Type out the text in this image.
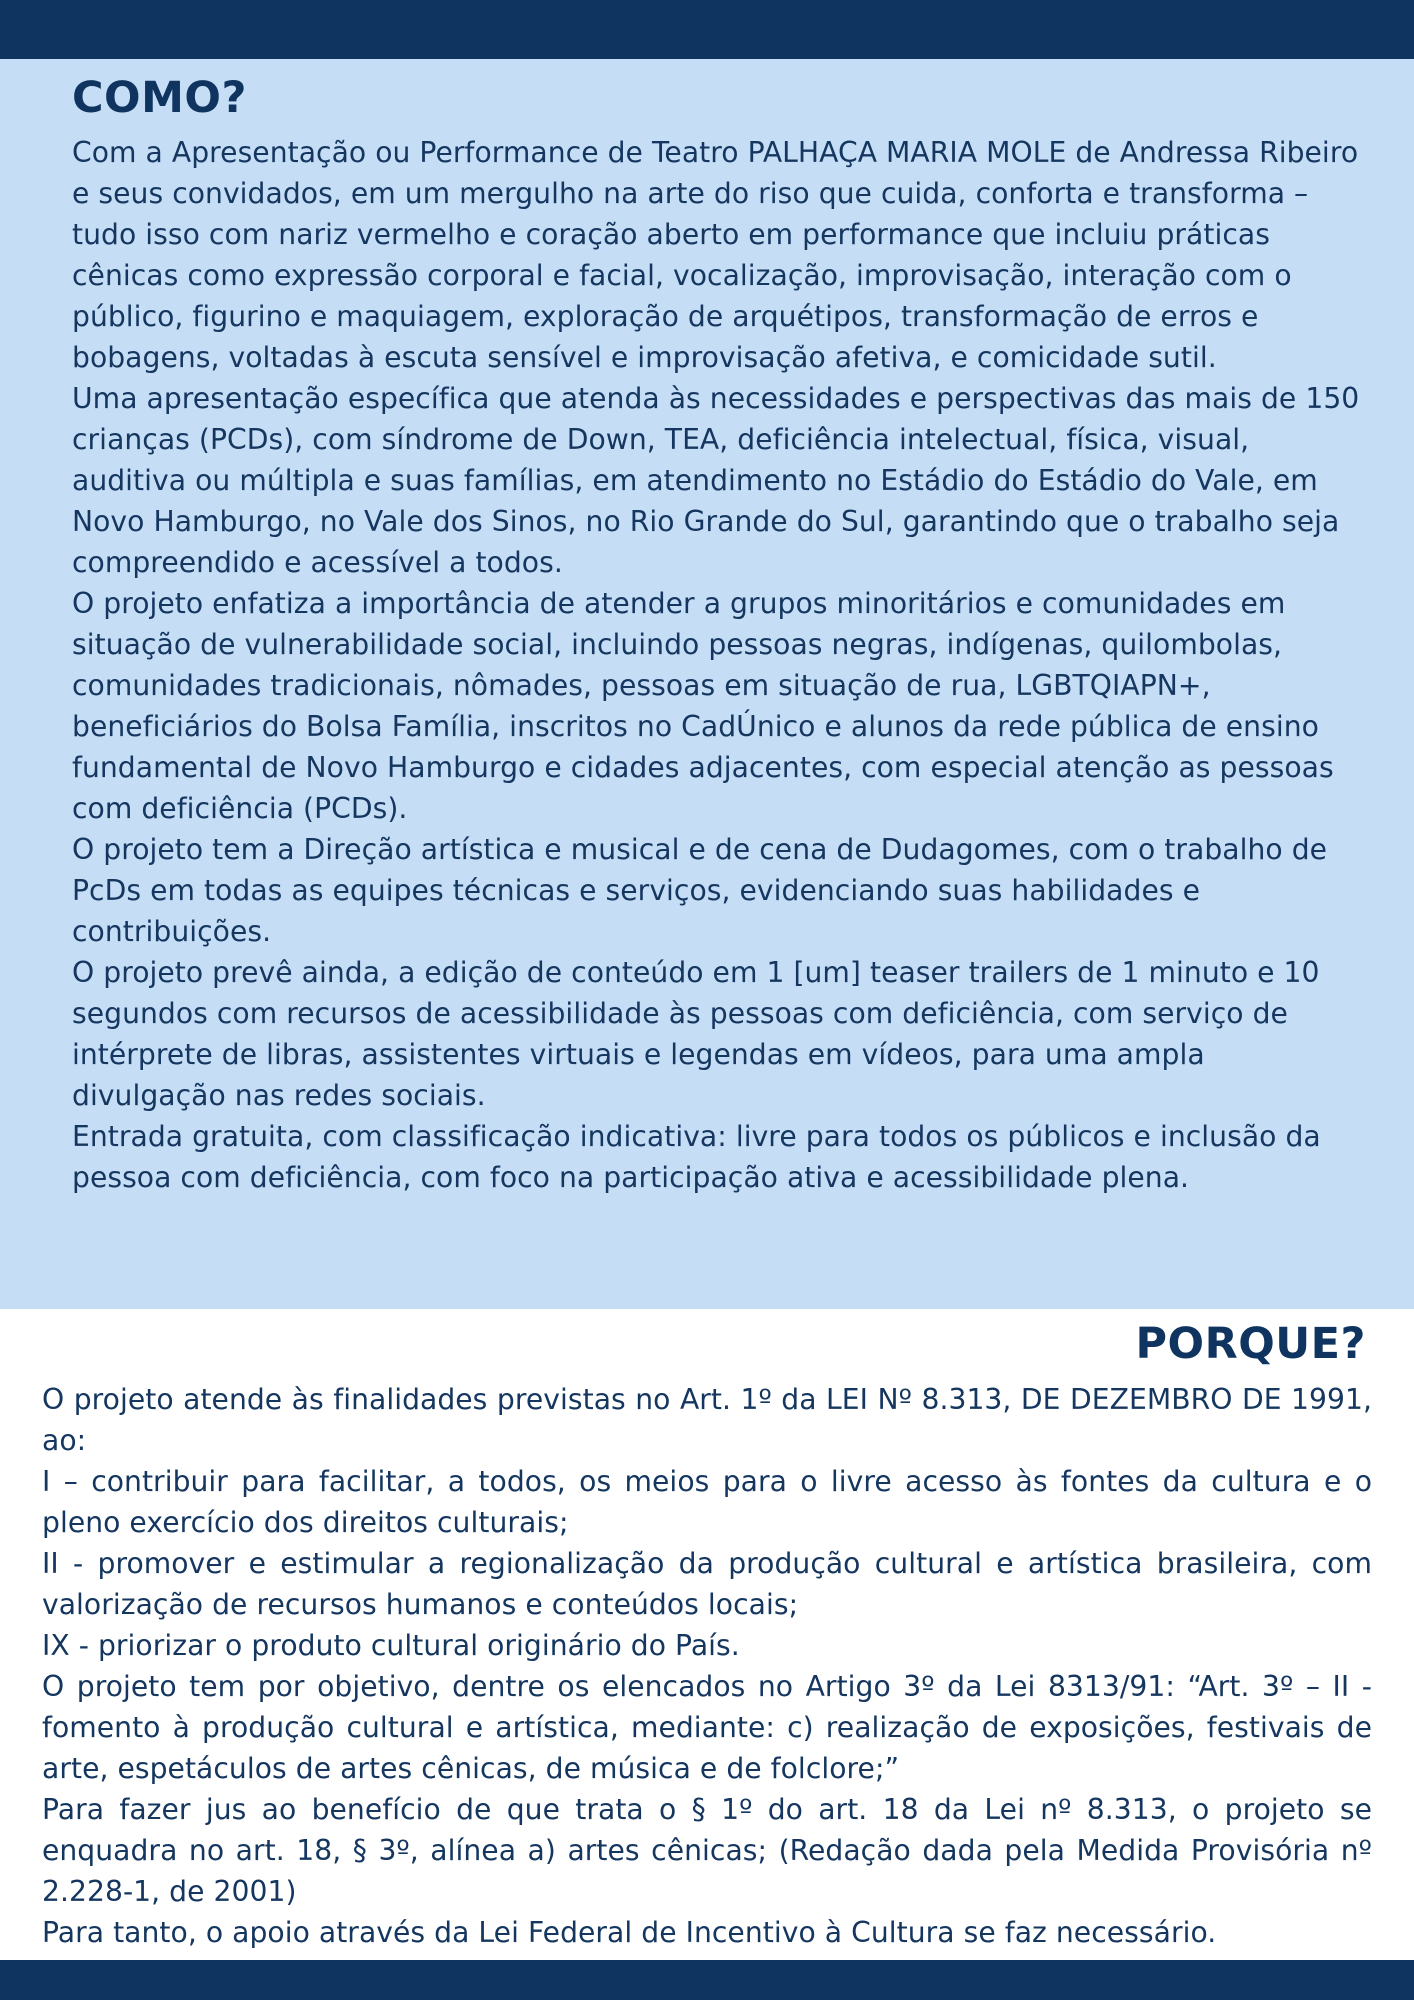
COMO?

Com a Apresentação ou Performance de Teatro PALHAÇA MARIA MOLE de Andressa Ribeiro e seus convidados, em um mergulho na arte do riso que cuida, conforta e transforma – tudo isso com nariz vermelho e coração aberto em performance que incluiu práticas cênicas como expressão corporal e facial, vocalização, improvisação, interação com o público, figurino e maquiagem, exploração de arquétipos, transformação de erros e bobagens, voltadas à escuta sensível e improvisação afetiva, e comicidade sutil.

Uma apresentação específica que atenda às necessidades e perspectivas das mais de 150 crianças (PCDs), com síndrome de Down, TEA, deficiência intelectual, física, visual, auditiva ou múltipla e suas famílias, em atendimento no Estádio do Estádio do Vale, em Novo Hamburgo, no Vale dos Sinos, no Rio Grande do Sul, garantindo que o trabalho seja compreendido e acessível a todos.

O projeto enfatiza a importância de atender a grupos minoritários e comunidades em situação de vulnerabilidade social, incluindo pessoas negras, indígenas, quilombolas, comunidades tradicionais, nômades, pessoas em situação de rua, LGBTQIAPN+, beneficiários do Bolsa Família, inscritos no CadÚnico e alunos da rede pública de ensino fundamental de Novo Hamburgo e cidades adjacentes, com especial atenção as pessoas com deficiência (PCDs).

O projeto tem a Direção artística e musical e de cena de Dudagomes, com o trabalho de PcDs em todas as equipes técnicas e serviços, evidenciando suas habilidades e contribuições.

O projeto prevê ainda, a edição de conteúdo em 1 [um] teaser trailers de 1 minuto e 10 segundos com recursos de acessibilidade às pessoas com deficiência, com serviço de intérprete de libras, assistentes virtuais e legendas em vídeos, para uma ampla divulgação nas redes sociais.

Entrada gratuita, com classificação indicativa: livre para todos os públicos e inclusão da pessoa com deficiência, com foco na participação ativa e acessibilidade plena.

PORQUE?

O projeto atende às finalidades previstas no Art. 1º da LEI Nº 8.313, DE DEZEMBRO DE 1991, ao:

I – contribuir para facilitar, a todos, os meios para o livre acesso às fontes da cultura e o pleno exercício dos direitos culturais;

II - promover e estimular a regionalização da produção cultural e artística brasileira, com valorização de recursos humanos e conteúdos locais;

IX - priorizar o produto cultural originário do País.

O projeto tem por objetivo, dentre os elencados no Artigo 3º da Lei 8313/91: “Art. 3º – II - fomento à produção cultural e artística, mediante: c) realização de exposições, festivais de arte, espetáculos de artes cênicas, de música e de folclore;”

Para fazer jus ao benefício de que trata o § 1º do art. 18 da Lei nº 8.313, o projeto se enquadra no art. 18, § 3º, alínea a) artes cênicas; (Redação dada pela Medida Provisória nº 2.228-1, de 2001)

Para tanto, o apoio através da Lei Federal de Incentivo à Cultura se faz necessário.
